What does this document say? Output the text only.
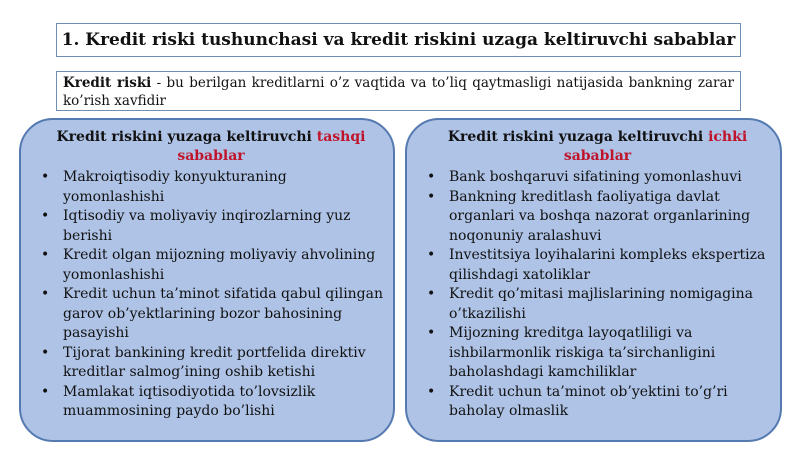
1. Kredit riski tushunchasi va kredit riskini uzaga keltiruvchi sabablar
Kredit riski - bu berilgan kreditlarni o’z vaqtida va to’liq qaytmasligi natijasida bankning zarar ko’rish xavfidir
Kredit riskini yuzaga keltiruvchi tashqi sabablar
• Makroiqtisodiy konyukturaning yomonlashishi
• Iqtisodiy va moliyaviy inqirozlarning yuz berishi
• Kredit olgan mijozning moliyaviy ahvolining yomonlashishi
• Kredit uchun ta’minot sifatida qabul qilingan garov ob’yektlarining bozor bahosining pasayishi
• Tijorat bankining kredit portfelida direktiv kreditlar salmog’ining oshib ketishi
• Mamlakat iqtisodiyotida to’lovsizlik muammosining paydo bo’lishi
Kredit riskini yuzaga keltiruvchi ichki sabablar
• Bank boshqaruvi sifatining yomonlashuvi
• Bankning kreditlash faoliyatiga davlat organlari va boshqa nazorat organlarining noqonuniy aralashuvi
• Investitsiya loyihalarini kompleks ekspertiza qilishdagi xatoliklar
• Kredit qo’mitasi majlislarining nomigagina o’tkazilishi
• Mijozning kreditga layoqatliligi va ishbilarmonlik riskiga ta’sirchanligini baholashdagi kamchiliklar
• Kredit uchun ta’minot ob’yektini to’g’ri baholay olmaslik
